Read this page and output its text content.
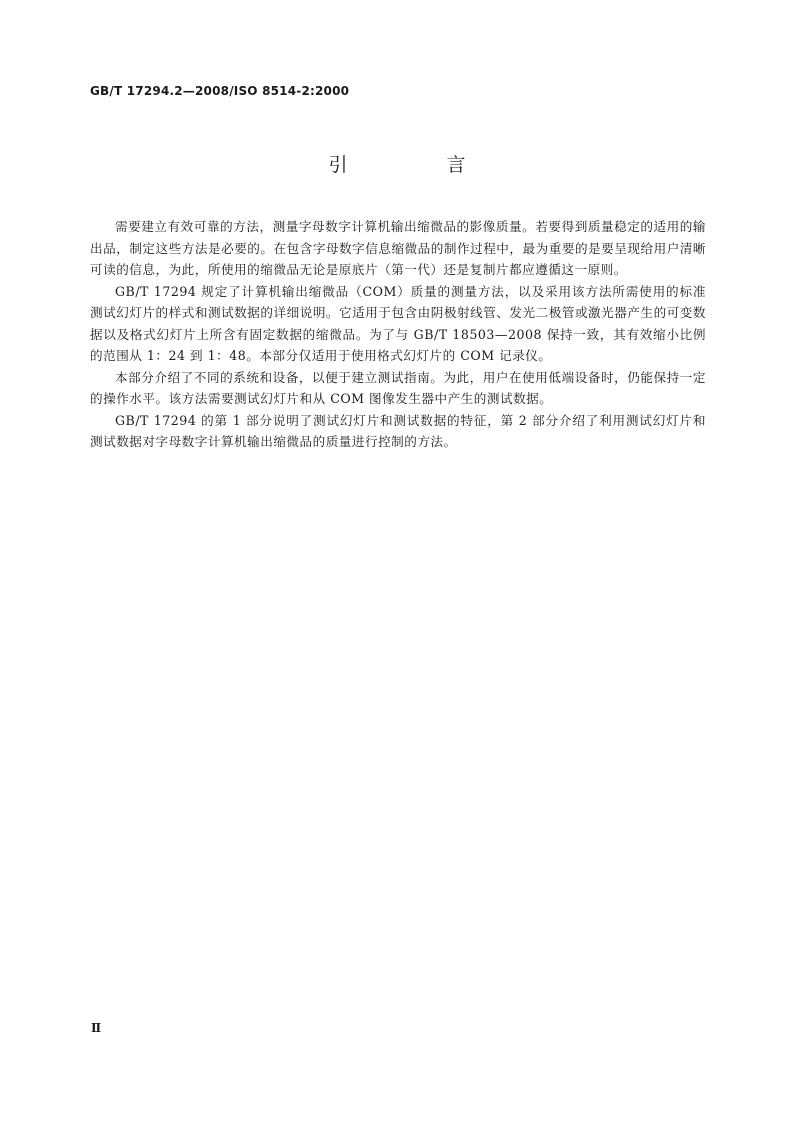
GB/T 17294.2—2008/ISO 8514-2:2000
引　言

需要建立有效可靠的方法，测量字母数字计算机输出缩微品的影像质量。若要得到质量稳定的适用的输出品，制定这些方法是必要的。在包含字母数字信息缩微品的制作过程中，最为重要的是要呈现给用户清晰可读的信息，为此，所使用的缩微品无论是原底片（第一代）还是复制片都应遵循这一原则。

GB/T 17294 规定了计算机输出缩微品（COM）质量的测量方法，以及采用该方法所需使用的标准测试幻灯片的样式和测试数据的详细说明。它适用于包含由阴极射线管、发光二极管或激光器产生的可变数据以及格式幻灯片上所含有固定数据的缩微品。为了与 GB/T 18503—2008 保持一致，其有效缩小比例的范围从 1：24 到 1：48。本部分仅适用于使用格式幻灯片的 COM 记录仪。

本部分介绍了不同的系统和设备，以便于建立测试指南。为此，用户在使用低端设备时，仍能保持一定的操作水平。该方法需要测试幻灯片和从 COM 图像发生器中产生的测试数据。

GB/T 17294 的第 1 部分说明了测试幻灯片和测试数据的特征，第 2 部分介绍了利用测试幻灯片和测试数据对字母数字计算机输出缩微品的质量进行控制的方法。

Ⅱ
